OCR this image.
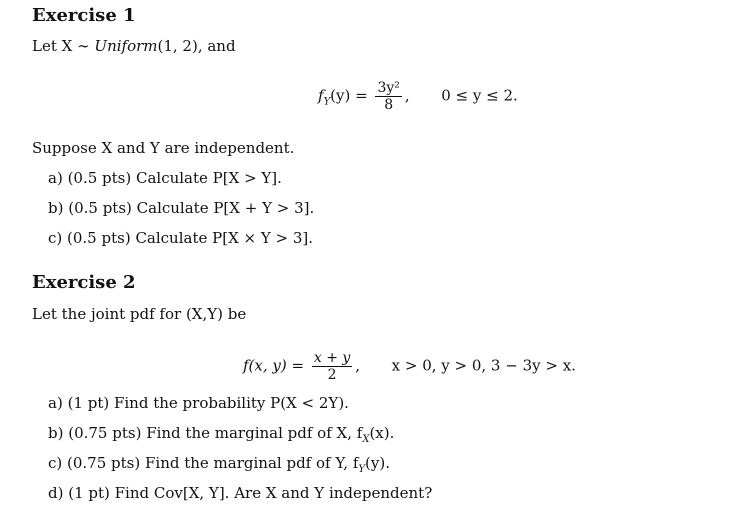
Exercise 1
Let X ∼ Uniform(1, 2), and
$f_Y(y) = \frac{\text{3y²}}{8}$ , 0 ≤ y ≤ 2.
Suppose X and Y are independent.
a) (0.5 pts) Calculate P[X > Y].
b) (0.5 pts) Calculate P[X + Y > 3].
c) (0.5 pts) Calculate P[X × Y > 3].
Exercise 2
Let the joint pdf for (X,Y) be
f(x, $y) = \frac{x + y}{2}$ , x > 0, y > 0, 3 − 3y > x.
a) (1 pt) Find the probability P(X < 2Y).
b) (0.75 pts) Find the marginal pdf of X, $f_X(x)$.
c) (0.75 pts) Find the marginal pdf of Y, $f_Y(y)$.
d) (1 pt) Find Cov[X, Y]. Are X and Y independent?
